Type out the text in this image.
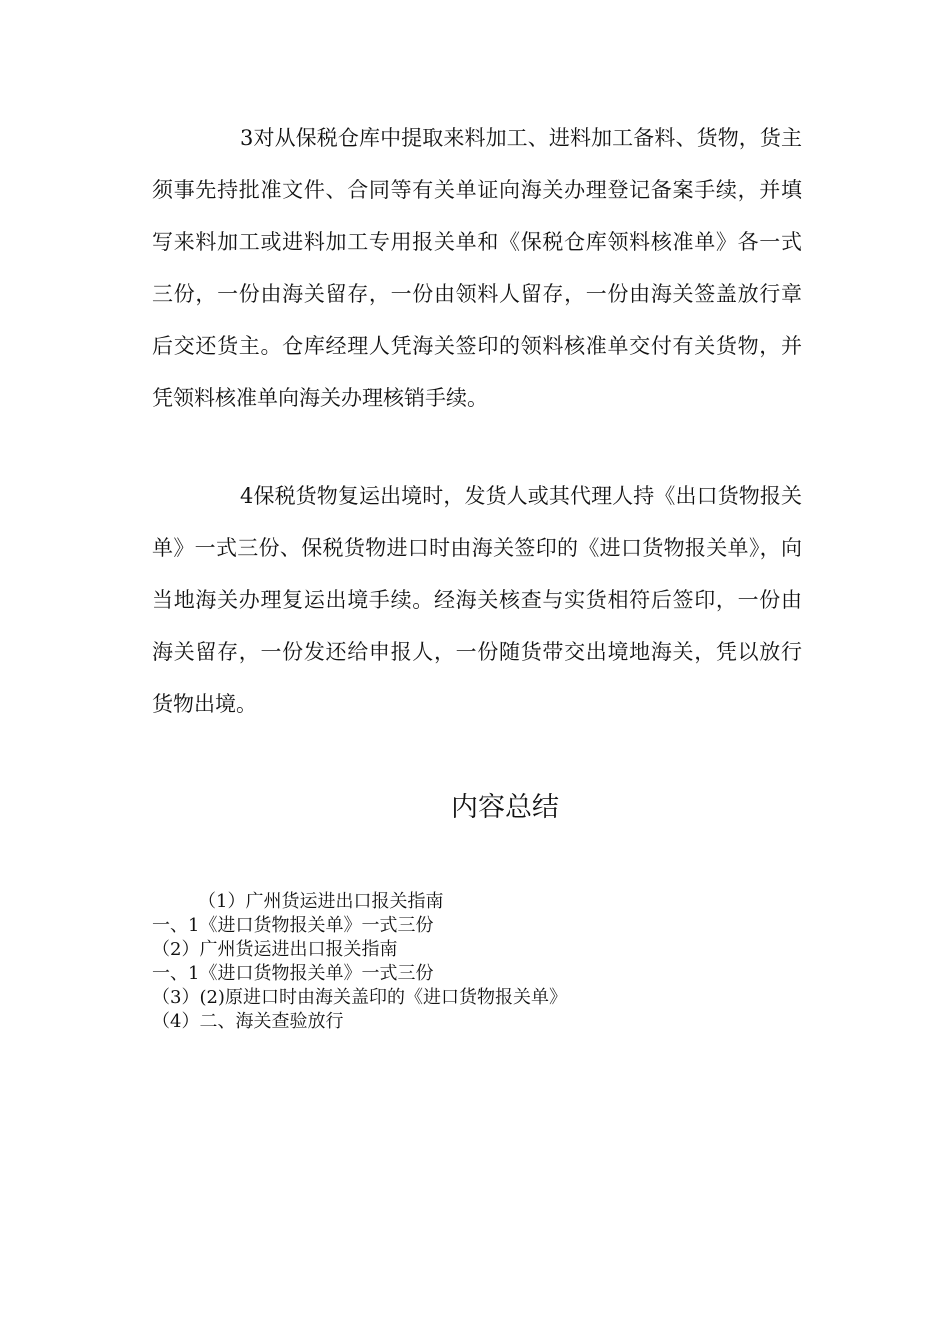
3对从保税仓库中提取来料加工、进料加工备料、货物，货主须事先持批准文件、合同等有关单证向海关办理登记备案手续，并填写来料加工或进料加工专用报关单和《保税仓库领料核准单》各一式三份，一份由海关留存，一份由领料人留存，一份由海关签盖放行章后交还货主。仓库经理人凭海关签印的领料核准单交付有关货物，并凭领料核准单向海关办理核销手续。

4保税货物复运出境时，发货人或其代理人持《出口货物报关单》一式三份、保税货物进口时由海关签印的《进口货物报关单》，向当地海关办理复运出境手续。经海关核查与实货相符后签印，一份由海关留存，一份发还给申报人，一份随货带交出境地海关，凭以放行货物出境。

内容总结
（1）广州货运进出口报关指南
一、1《进口货物报关单》一式三份
（2）广州货运进出口报关指南
一、1《进口货物报关单》一式三份
（3）(2)原进口时由海关盖印的《进口货物报关单》
（4）二、海关查验放行
